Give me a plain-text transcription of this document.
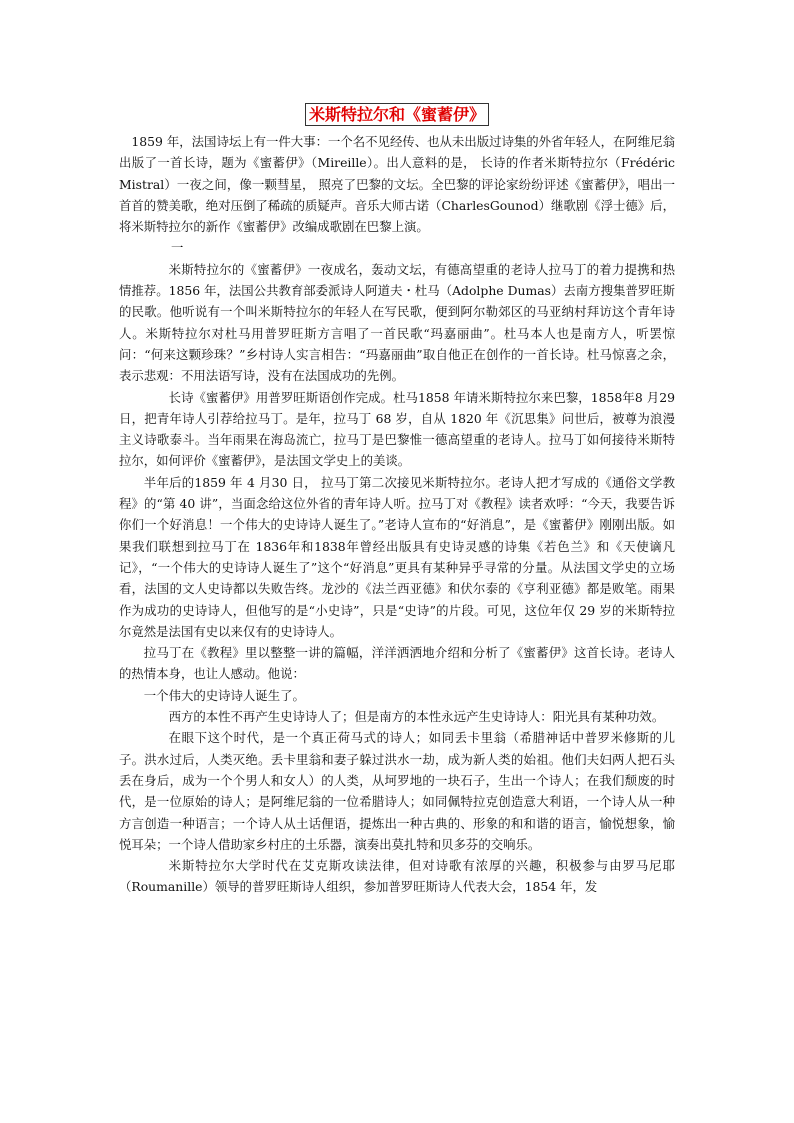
米斯特拉尔和《蜜蓄伊》

1859 年，法国诗坛上有一件大事：一个名不见经传、也从未出版过诗集的外省年轻人，在阿维尼翁出版了一首长诗，题为《蜜蓄伊》（Mireille）。出人意料的是， 长诗的作者米斯特拉尔（Frédéric Mistral）一夜之间，像一颗彗星， 照亮了巴黎的文坛。全巴黎的评论家纷纷评述《蜜蓄伊》，唱出一首首的赞美歌，绝对压倒了稀疏的质疑声。音乐大师古诺（CharlesGounod）继歌剧《浮士德》后，将米斯特拉尔的新作《蜜蓄伊》改编成歌剧在巴黎上演。

一

米斯特拉尔的《蜜蓄伊》一夜成名，轰动文坛，有德高望重的老诗人拉马丁的着力提携和热情推荐。1856 年，法国公共教育部委派诗人阿道夫・杜马（Adolphe Dumas）去南方搜集普罗旺斯的民歌。他听说有一个叫米斯特拉尔的年轻人在写民歌，便到阿尔勒郊区的马亚纳村拜访这个青年诗人。米斯特拉尔对杜马用普罗旺斯方言唱了一首民歌“玛嘉丽曲”。杜马本人也是南方人，听罢惊问：“何来这颗珍珠？”乡村诗人实言相告：“玛嘉丽曲”取自他正在创作的一首长诗。杜马惊喜之余，表示悲观：不用法语写诗，没有在法国成功的先例。

长诗《蜜蓄伊》用普罗旺斯语创作完成。杜马1858 年请米斯特拉尔来巴黎，1858年8 月29日，把青年诗人引荐给拉马丁。是年，拉马丁 68 岁，自从 1820 年《沉思集》问世后，被尊为浪漫主义诗歌泰斗。当年雨果在海岛流亡，拉马丁是巴黎惟一德高望重的老诗人。拉马丁如何接待米斯特拉尔，如何评价《蜜蓄伊》，是法国文学史上的美谈。

半年后的1859 年 4 月30 日， 拉马丁第二次接见米斯特拉尔。老诗人把才写成的《通俗文学教程》的“第 40 讲”，当面念给这位外省的青年诗人听。拉马丁对《教程》读者欢呼：“今天，我要告诉你们一个好消息！一个伟大的史诗诗人诞生了。”老诗人宣布的“好消息”，是《蜜蓄伊》刚刚出版。如果我们联想到拉马丁在 1836年和1838年曾经出版具有史诗灵感的诗集《若色兰》和《天使谪凡记》，“一个伟大的史诗诗人诞生了”这个“好消息”更具有某种异乎寻常的分量。从法国文学史的立场看，法国的文人史诗都以失败告终。龙沙的《法兰西亚德》和伏尔泰的《亨利亚德》都是败笔。雨果作为成功的史诗诗人，但他写的是“小史诗”，只是“史诗”的片段。可见，这位年仅 29 岁的米斯特拉尔竟然是法国有史以来仅有的史诗诗人。

拉马丁在《教程》里以整整一讲的篇幅，洋洋洒洒地介绍和分析了《蜜蓄伊》这首长诗。老诗人的热情本身，也让人感动。他说：

一个伟大的史诗诗人诞生了。

西方的本性不再产生史诗诗人了；但是南方的本性永远产生史诗诗人：阳光具有某种功效。

在眼下这个时代，是一个真正荷马式的诗人；如同丢卡里翁（希腊神话中普罗米修斯的儿子。洪水过后，人类灭绝。丢卡里翁和妻子躲过洪水一劫，成为新人类的始祖。他们夫妇两人把石头丢在身后，成为一个个男人和女人）的人类，从坷罗地的一块石子，生出一个诗人；在我们颓废的时代，是一位原始的诗人；是阿维尼翁的一位希腊诗人；如同佩特拉克创造意大利语，一个诗人从一种方言创造一种语言；一个诗人从土话俚语，提炼出一种古典的、形象的和和谐的语言，愉悦想象，愉悦耳朵；一个诗人借助家乡村庄的土乐器，演奏出莫扎特和贝多芬的交响乐。

米斯特拉尔大学时代在艾克斯攻读法律，但对诗歌有浓厚的兴趣，积极参与由罗马尼耶（Roumanille）领导的普罗旺斯诗人组织，参加普罗旺斯诗人代表大会，1854 年，发
